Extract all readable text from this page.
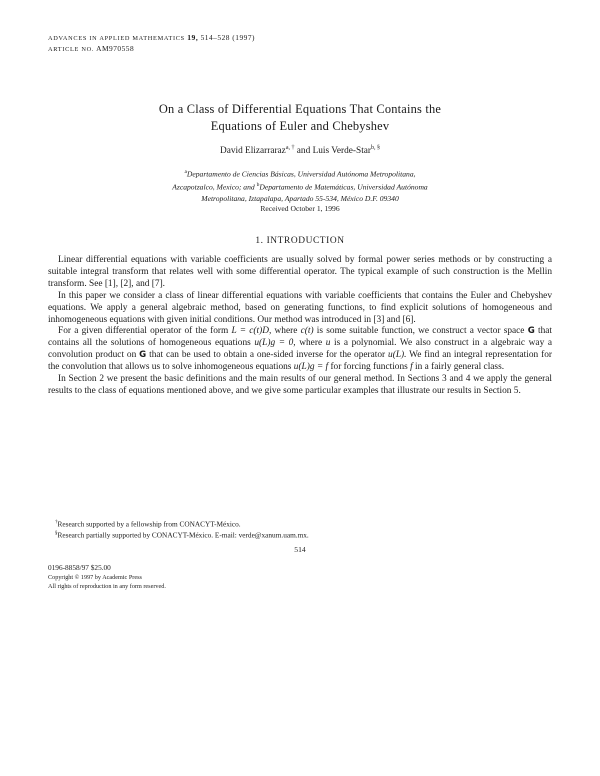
ADVANCES IN APPLIED MATHEMATICS 19, 514–528 (1997)
ARTICLE NO. AM970558
On a Class of Differential Equations That Contains the
Equations of Euler and Chebyshev
David Elizarraraz$^{a, \dagger}$ and Luis Verde-Star$^{b, \S}$
$^a$Departamento de Ciencias Básicas, Universidad Autónoma Metropolitana,
Azcapotzalco, Mexico; and $^b$Departamento de Matemáticas, Universidad Autónoma
Metropolitana, Iztapalapa, Apartado 55-534, México D.F. 09340
Received October 1, 1996
1. INTRODUCTION

Linear differential equations with variable coefficients are usually solved by formal power series methods or by constructing a suitable integral transform that relates well with some differential operator. The typical example of such construction is the Mellin transform. See [1], [2], and [7].

In this paper we consider a class of linear differential equations with variable coefficients that contains the Euler and Chebyshev equations. We apply a general algebraic method, based on generating functions, to find explicit solutions of homogeneous and inhomogeneous equations with given initial conditions. Our method was introduced in [3] and [6].

For a given differential operator of the form L = c(t)D, where c(t) is some suitable function, we construct a vector space G that contains all the solutions of homogeneous equations u(L)g = 0, where u is a polynomial. We also construct in a algebraic way a convolution product on G that can be used to obtain a one-sided inverse for the operator u(L). We find an integral representation for the convolution that allows us to solve inhomogeneous equations u(L)g = f for forcing functions f in a fairly general class.

In Section 2 we present the basic definitions and the main results of our general method. In Sections 3 and 4 we apply the general results to the class of equations mentioned above, and we give some particular examples that illustrate our results in Section 5.

†Research supported by a fellowship from CONACYT-México.
§Research partially supported by CONACYT-México. E-mail: verde@xanum.uam.mx.
514
0196-8858/97 $25.00
Copyright © 1997 by Academic Press
All rights of reproduction in any form reserved.
